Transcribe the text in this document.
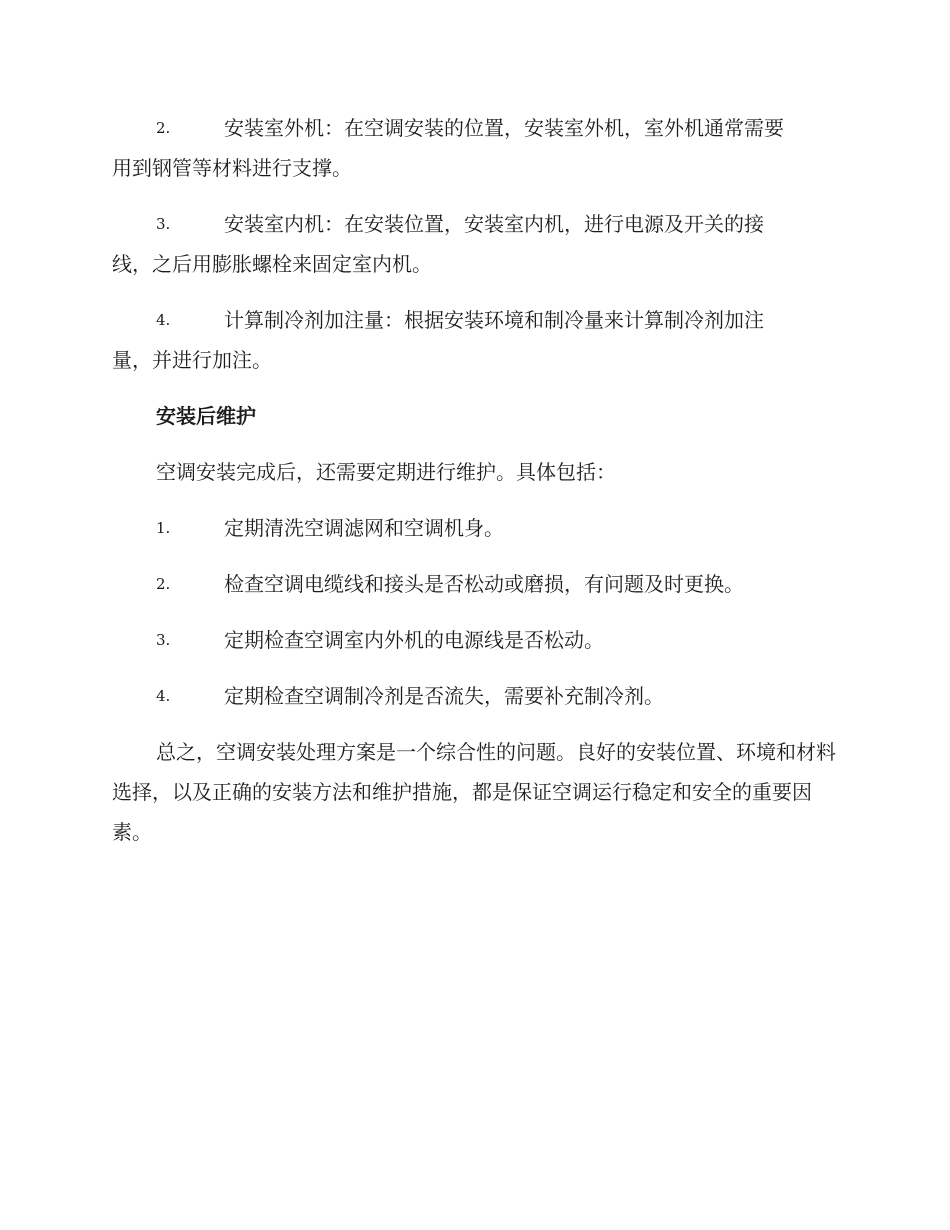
2.	安装室外机：在空调安装的位置，安装室外机，室外机通常需要
用到钢管等材料进行支撑。
3.	安装室内机：在安装位置，安装室内机，进行电源及开关的接
线，之后用膨胀螺栓来固定室内机。
4.	计算制冷剂加注量：根据安装环境和制冷量来计算制冷剂加注
量，并进行加注。
安装后维护
空调安装完成后，还需要定期进行维护。具体包括：
1.	定期清洗空调滤网和空调机身。
2.	检查空调电缆线和接头是否松动或磨损，有问题及时更换。
3.	定期检查空调室内外机的电源线是否松动。
4.	定期检查空调制冷剂是否流失，需要补充制冷剂。
总之，空调安装处理方案是一个综合性的问题。良好的安装位置、环境和材料选择，以及正确的安装方法和维护措施，都是保证空调运行稳定和安全的重要因素。
